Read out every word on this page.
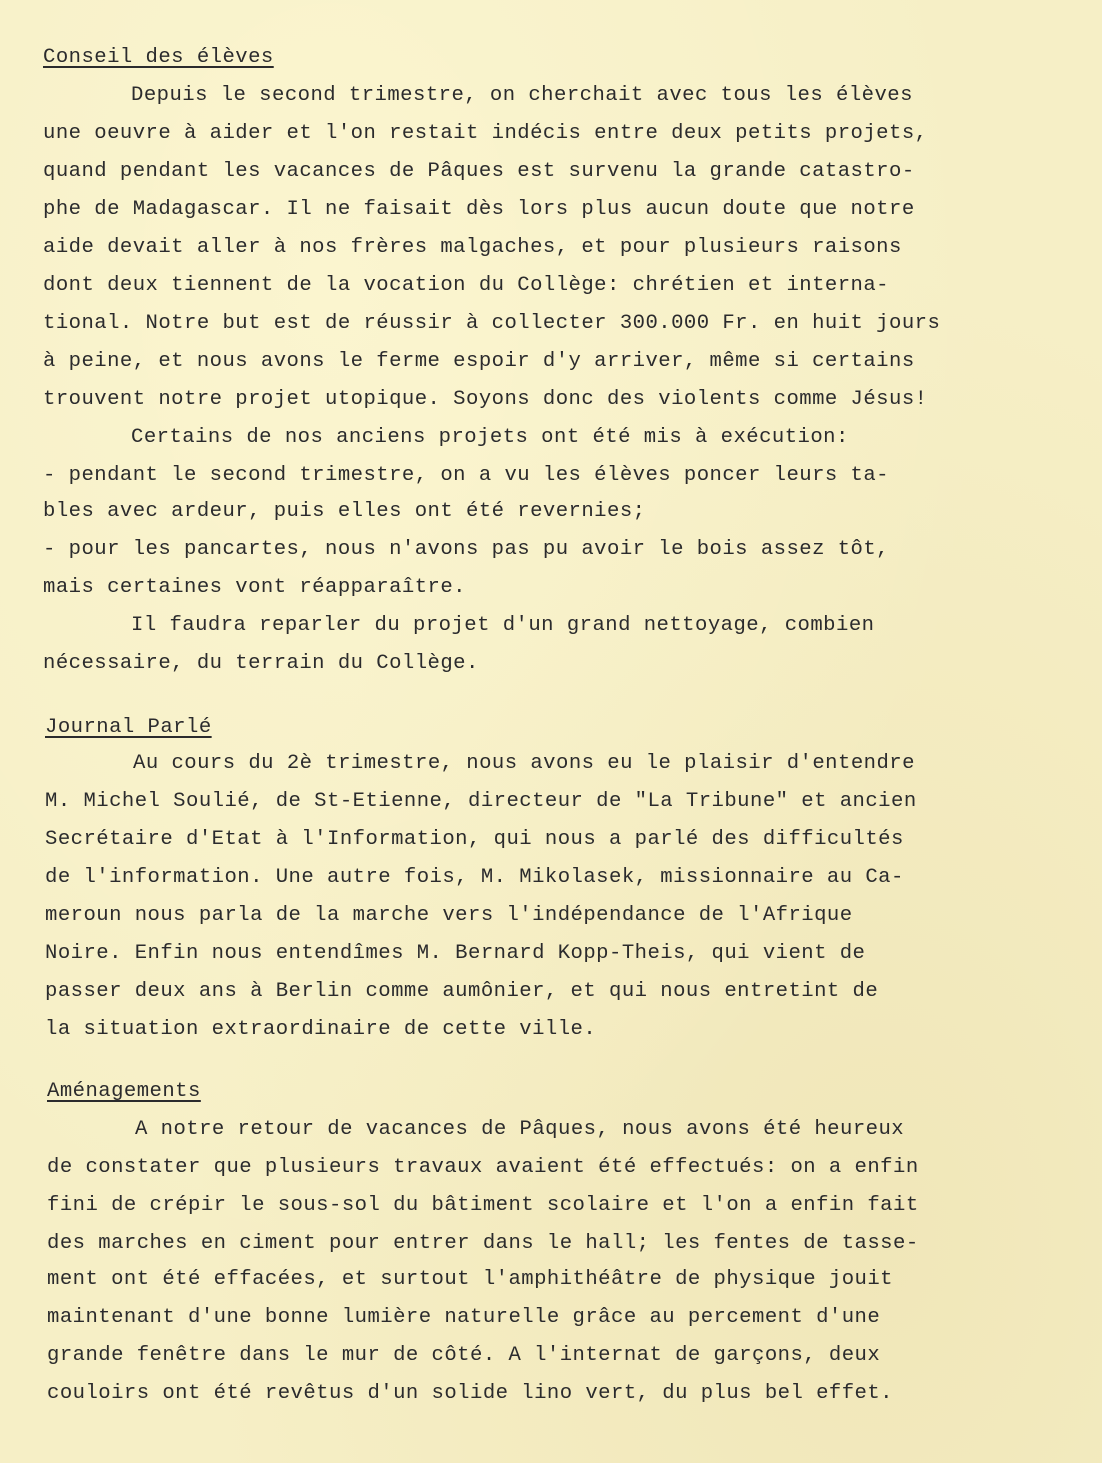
Conseil des élèves
Depuis le second trimestre, on cherchait avec tous les élèves
une oeuvre à aider et l'on restait indécis entre deux petits projets,
quand pendant les vacances de Pâques est survenu la grande catastro-
phe de Madagascar. Il ne faisait dès lors plus aucun doute que notre
aide devait aller à nos frères malgaches, et pour plusieurs raisons
dont deux tiennent de la vocation du Collège: chrétien et interna-
tional. Notre but est de réussir à collecter 300.000 Fr. en huit jours
à peine, et nous avons le ferme espoir d'y arriver, même si certains
trouvent notre projet utopique. Soyons donc des violents comme Jésus!
Certains de nos anciens projets ont été mis à exécution:
- pendant le second trimestre, on a vu les élèves poncer leurs ta-
bles avec ardeur, puis elles ont été revernies;
- pour les pancartes, nous n'avons pas pu avoir le bois assez tôt,
mais certaines vont réapparaître.
Il faudra reparler du projet d'un grand nettoyage, combien
nécessaire, du terrain du Collège.
Journal Parlé
Au cours du 2è trimestre, nous avons eu le plaisir d'entendre
M. Michel Soulié, de St-Etienne, directeur de "La Tribune" et ancien
Secrétaire d'Etat à l'Information, qui nous a parlé des difficultés
de l'information. Une autre fois, M. Mikolasek, missionnaire au Ca-
meroun nous parla de la marche vers l'indépendance de l'Afrique
Noire. Enfin nous entendîmes M. Bernard Kopp-Theis, qui vient de
passer deux ans à Berlin comme aumônier, et qui nous entretint de
la situation extraordinaire de cette ville.
Aménagements
A notre retour de vacances de Pâques, nous avons été heureux
de constater que plusieurs travaux avaient été effectués: on a enfin
fini de crépir le sous-sol du bâtiment scolaire et l'on a enfin fait
des marches en ciment pour entrer dans le hall; les fentes de tasse-
ment ont été effacées, et surtout l'amphithéâtre de physique jouit
maintenant d'une bonne lumière naturelle grâce au percement d'une
grande fenêtre dans le mur de côté. A l'internat de garçons, deux
couloirs ont été revêtus d'un solide lino vert, du plus bel effet.
